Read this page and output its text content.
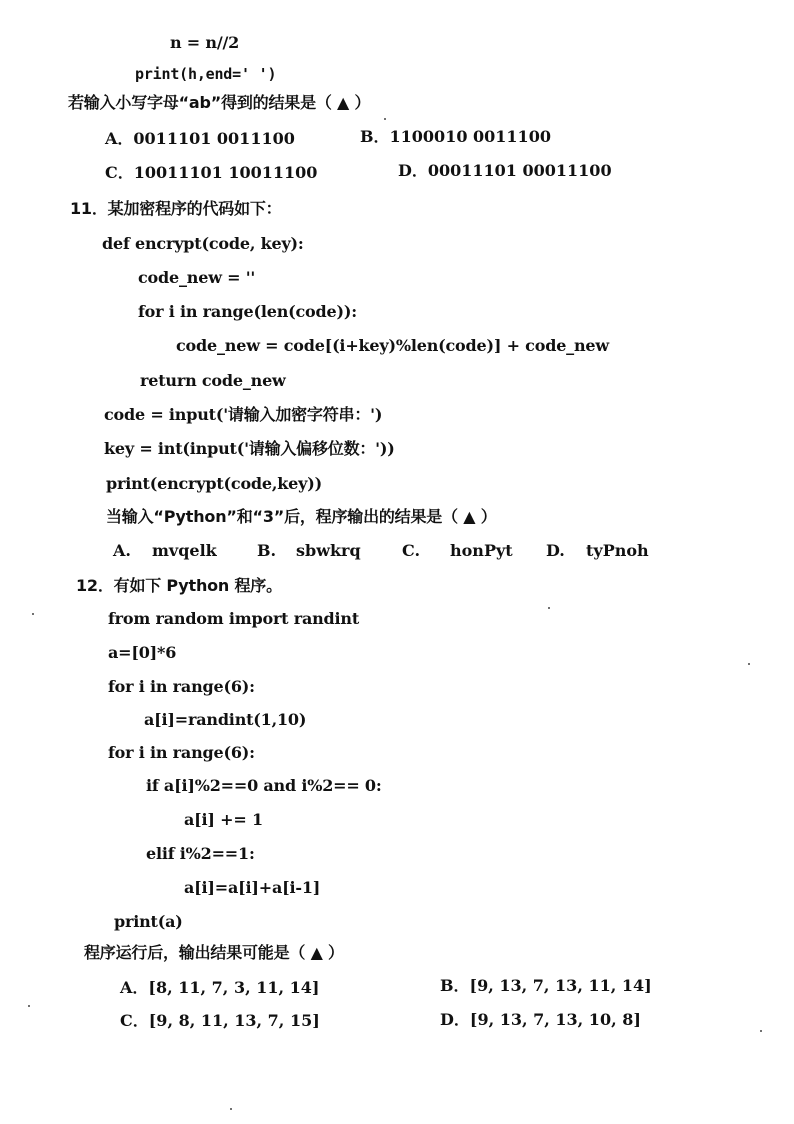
n = n//2
print(h,end=' ')
若输入小写字母“ab”得到的结果是（ ▲ ）
A．0011101 0011100	B．1100010 0011100
C．10011101 10011100	D．00011101 00011100
11．某加密程序的代码如下：
def encrypt(code, key):
code_new = ''
for i in range(len(code)):
code_new = code[(i+key)%len(code)] + code_new
return code_new
code = input('请输入加密字符串：')
key = int(input('请输入偏移位数：'))
print(encrypt(code,key))
当输入“Python”和“3”后，程序输出的结果是（ ▲ ）
A. mvqelk	B. sbwkrq	C. honPyt D. tyPnoh
12．有如下 Python 程序。
from random import randint
a=[0]*6
for i in range(6):
a[i]=randint(1,10)
for i in range(6):
if a[i]%2==0 and i%2== 0:
a[i] += 1
elif i%2==1:
a[i]=a[i]+a[i-1]
print(a)
程序运行后，输出结果可能是（ ▲ ）
A．[8, 11, 7, 3, 11, 14]	B．[9, 13, 7, 13, 11, 14]
C．[9, 8, 11, 13, 7, 15]	D．[9, 13, 7, 13, 10, 8]
